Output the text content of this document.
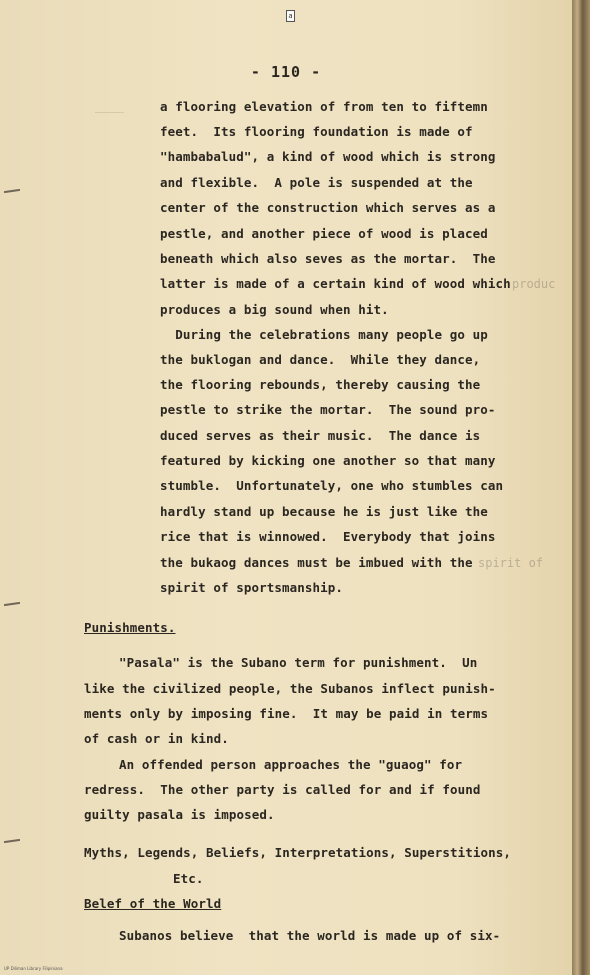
a
- 110 -
____	a flooring elevation of from ten to fiftemn
feet.  Its flooring foundation is made of
"hambabalud", a kind of wood which is strong
and flexible.  A pole is suspended at the
center of the construction which serves as a
pestle, and another piece of wood is placed
beneath which also seves as the mortar.  The
latter is made of a certain kind of wood which produc
produces a big sound when hit.
During the celebrations many people go up
the buklogan and dance.  While they dance,
the flooring rebounds, thereby causing the
pestle to strike the mortar.  The sound pro-
duced serves as their music.  The dance is
featured by kicking one another so that many
stumble.  Unfortunately, one who stumbles can
hardly stand up because he is just like the
rice that is winnowed.  Everybody that joins
the bukaog dances must be imbued with the spirit of
spirit of sportsmanship.
Punishments.
"Pasala" is the Subano term for punishment.  Un
like the civilized people, the Subanos inflect punish-
ments only by imposing fine.  It may be paid in terms
of cash or in kind.
An offended person approaches the "guaog" for
redress.  The other party is called for and if found
guilty pasala is imposed.
Myths, Legends, Beliefs, Interpretations, Superstitions,
Etc.
Belef of the World
Subanos believe  that the world is made up of six-
UP Diliman Library Filipiniana
